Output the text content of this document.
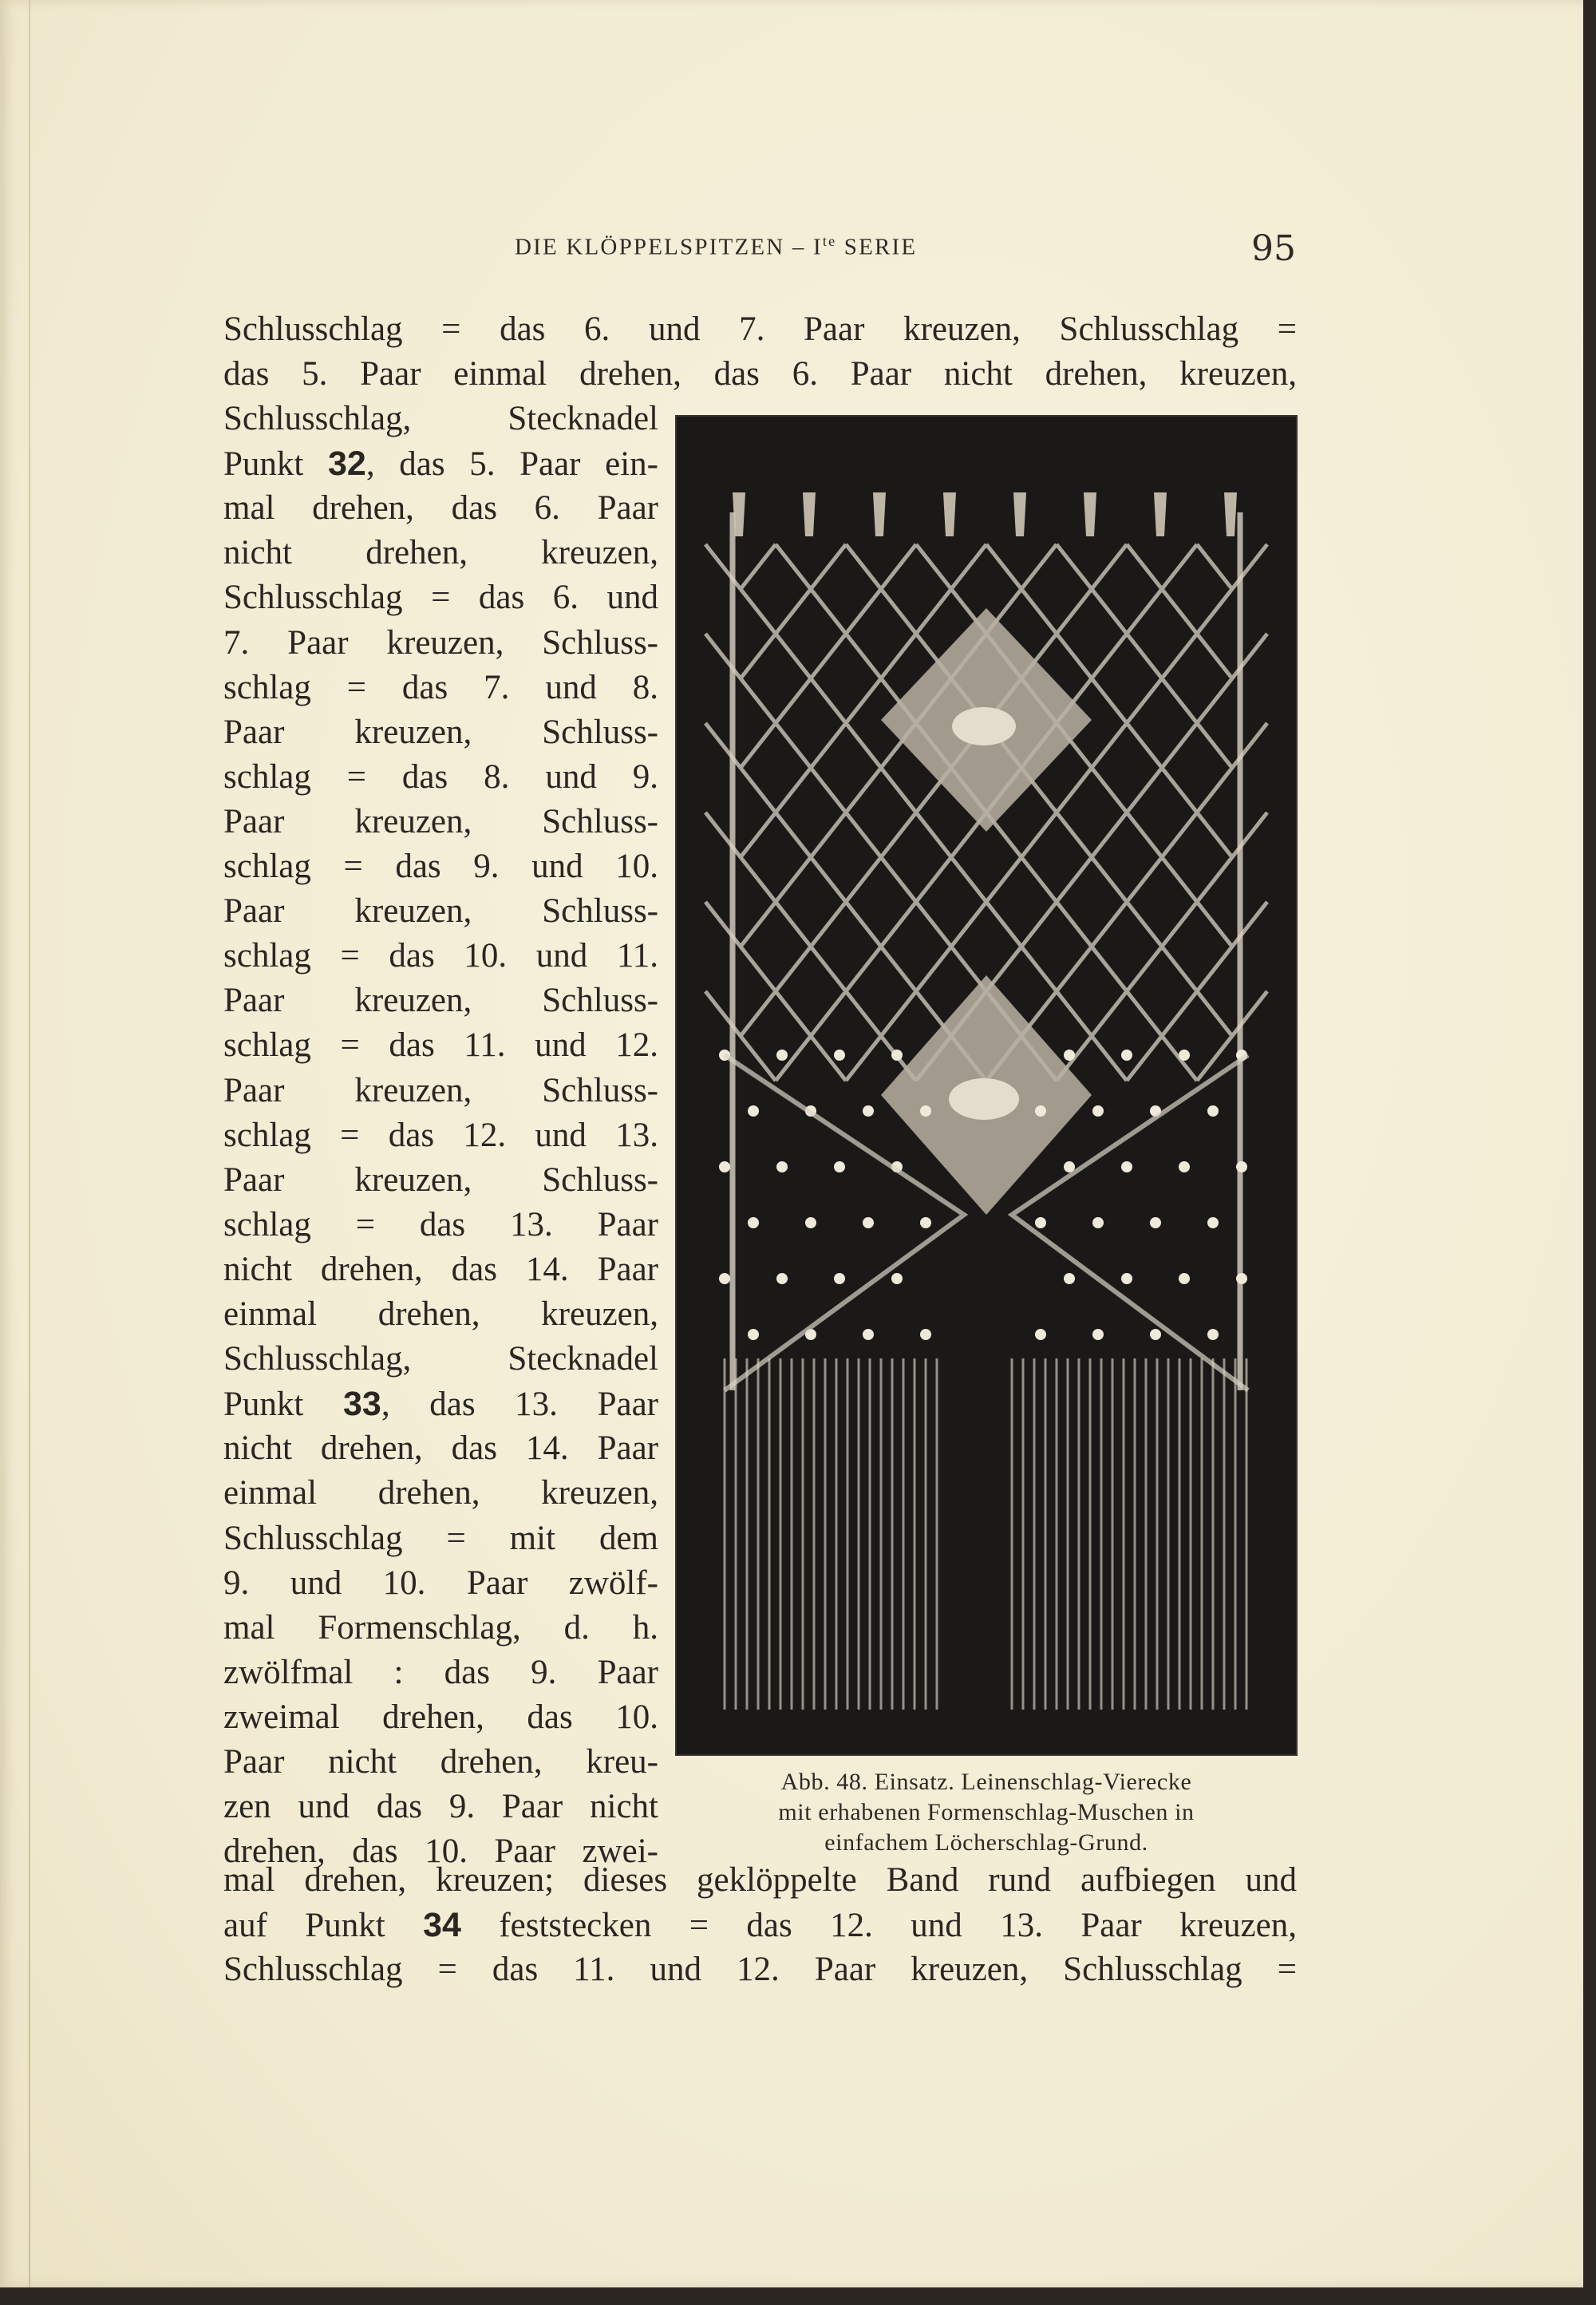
DIE KLÖPPELSPITZEN – $I^{te}$ SERIE	95
Schlusschlag = das 6. und 7. Paar kreuzen, Schlusschlag =
das 5. Paar einmal drehen, das 6. Paar nicht drehen, kreuzen,
Schlusschlag, Stecknadel
Punkt 32, das 5. Paar ein-
mal drehen, das 6. Paar
nicht drehen, kreuzen,
Schlusschlag = das 6. und
7. Paar kreuzen, Schluss-
schlag = das 7. und 8.
Paar kreuzen, Schluss-
schlag = das 8. und 9.
Paar kreuzen, Schluss-
schlag = das 9. und 10.
Paar kreuzen, Schluss-
schlag = das 10. und 11.
Paar kreuzen, Schluss-
schlag = das 11. und 12.
Paar kreuzen, Schluss-
schlag = das 12. und 13.
Paar kreuzen, Schluss-
schlag = das 13. Paar
nicht drehen, das 14. Paar
einmal drehen, kreuzen,
Schlusschlag, Stecknadel
Punkt 33, das 13. Paar
nicht drehen, das 14. Paar
einmal drehen, kreuzen,
Schlusschlag = mit dem
9. und 10. Paar zwölf-
mal Formenschlag, d. h.
zwölfmal : das 9. Paar
zweimal drehen, das 10.
Paar nicht drehen, kreu-
zen und das 9. Paar nicht
drehen, das 10. Paar zwei-
mal drehen, kreuzen; dieses geklöppelte Band rund aufbiegen und
auf Punkt 34 feststecken = das 12. und 13. Paar kreuzen,
Schlusschlag = das 11. und 12. Paar kreuzen, Schlusschlag =
Abb. 48. Einsatz. Leinenschlag-Vierecke
mit erhabenen Formenschlag-Muschen in
einfachem Löcherschlag-Grund.
